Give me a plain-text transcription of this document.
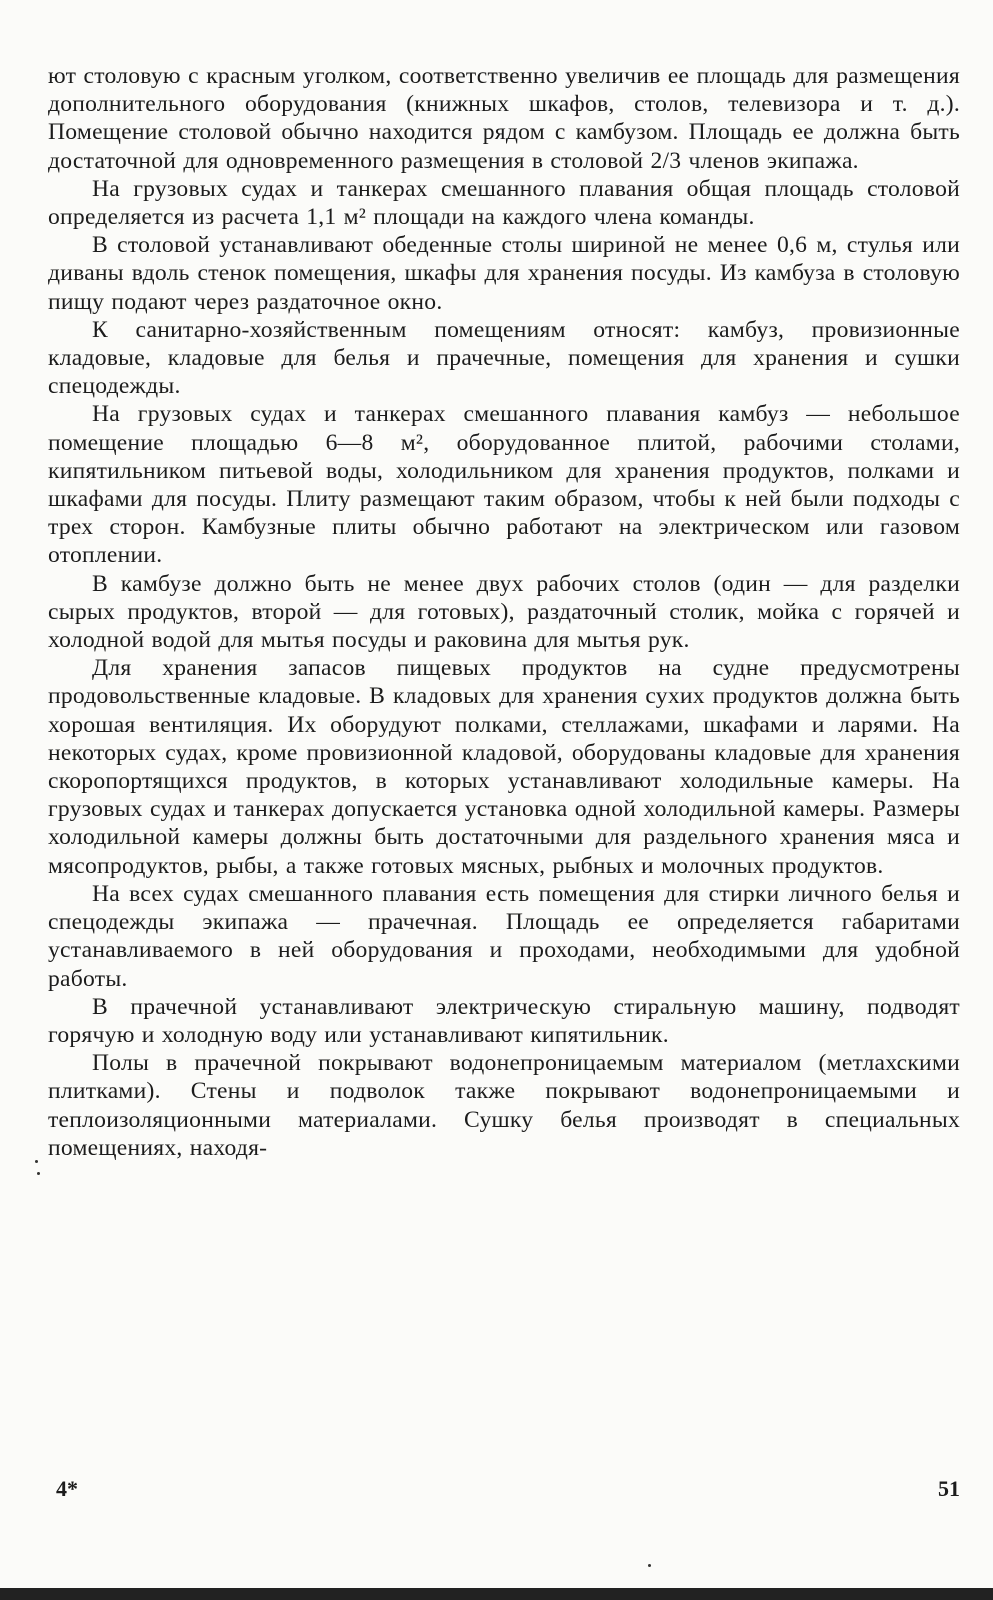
ют столовую с красным уголком, соответственно увеличив ее площадь для размещения дополнительного оборудования (книжных шкафов, столов, телевизора и т. д.). Помещение столовой обычно находится рядом с камбузом. Площадь ее должна быть достаточной для одновременного размещения в столовой 2/3 членов экипажа.

На грузовых судах и танкерах смешанного плавания общая площадь столовой определяется из расчета 1,1 м² площади на каждого члена команды.

В столовой устанавливают обеденные столы шириной не менее 0,6 м, стулья или диваны вдоль стенок помещения, шкафы для хранения посуды. Из камбуза в столовую пищу подают через раздаточное окно.

К санитарно-хозяйственным помещениям относят: камбуз, провизионные кладовые, кладовые для белья и прачечные, помещения для хранения и сушки спецодежды.

На грузовых судах и танкерах смешанного плавания камбуз — небольшое помещение площадью 6—8 м², оборудованное плитой, рабочими столами, кипятильником питьевой воды, холодильником для хранения продуктов, полками и шкафами для посуды. Плиту размещают таким образом, чтобы к ней были подходы с трех сторон. Камбузные плиты обычно работают на электрическом или газовом отоплении.

В камбузе должно быть не менее двух рабочих столов (один — для разделки сырых продуктов, второй — для готовых), раздаточный столик, мойка с горячей и холодной водой для мытья посуды и раковина для мытья рук.

Для хранения запасов пищевых продуктов на судне предусмотрены продовольственные кладовые. В кладовых для хранения сухих продуктов должна быть хорошая вентиляция. Их оборудуют полками, стеллажами, шкафами и ларями. На некоторых судах, кроме провизионной кладовой, оборудованы кладовые для хранения скоропортящихся продуктов, в которых устанавливают холодильные камеры. На грузовых судах и танкерах допускается установка одной холодильной камеры. Размеры холодильной камеры должны быть достаточными для раздельного хранения мяса и мясопродуктов, рыбы, а также готовых мясных, рыбных и молочных продуктов.

На всех судах смешанного плавания есть помещения для стирки личного белья и спецодежды экипажа — прачечная. Площадь ее определяется габаритами устанавливаемого в ней оборудования и проходами, необходимыми для удобной работы.

В прачечной устанавливают электрическую стиральную машину, подводят горячую и холодную воду или устанавливают кипятильник.

Полы в прачечной покрывают водонепроницаемым материалом (метлахскими плитками). Стены и подволок также покрывают водонепроницаемыми и теплоизоляционными материалами. Сушку белья производят в специальных помещениях, находя-

4*	51
